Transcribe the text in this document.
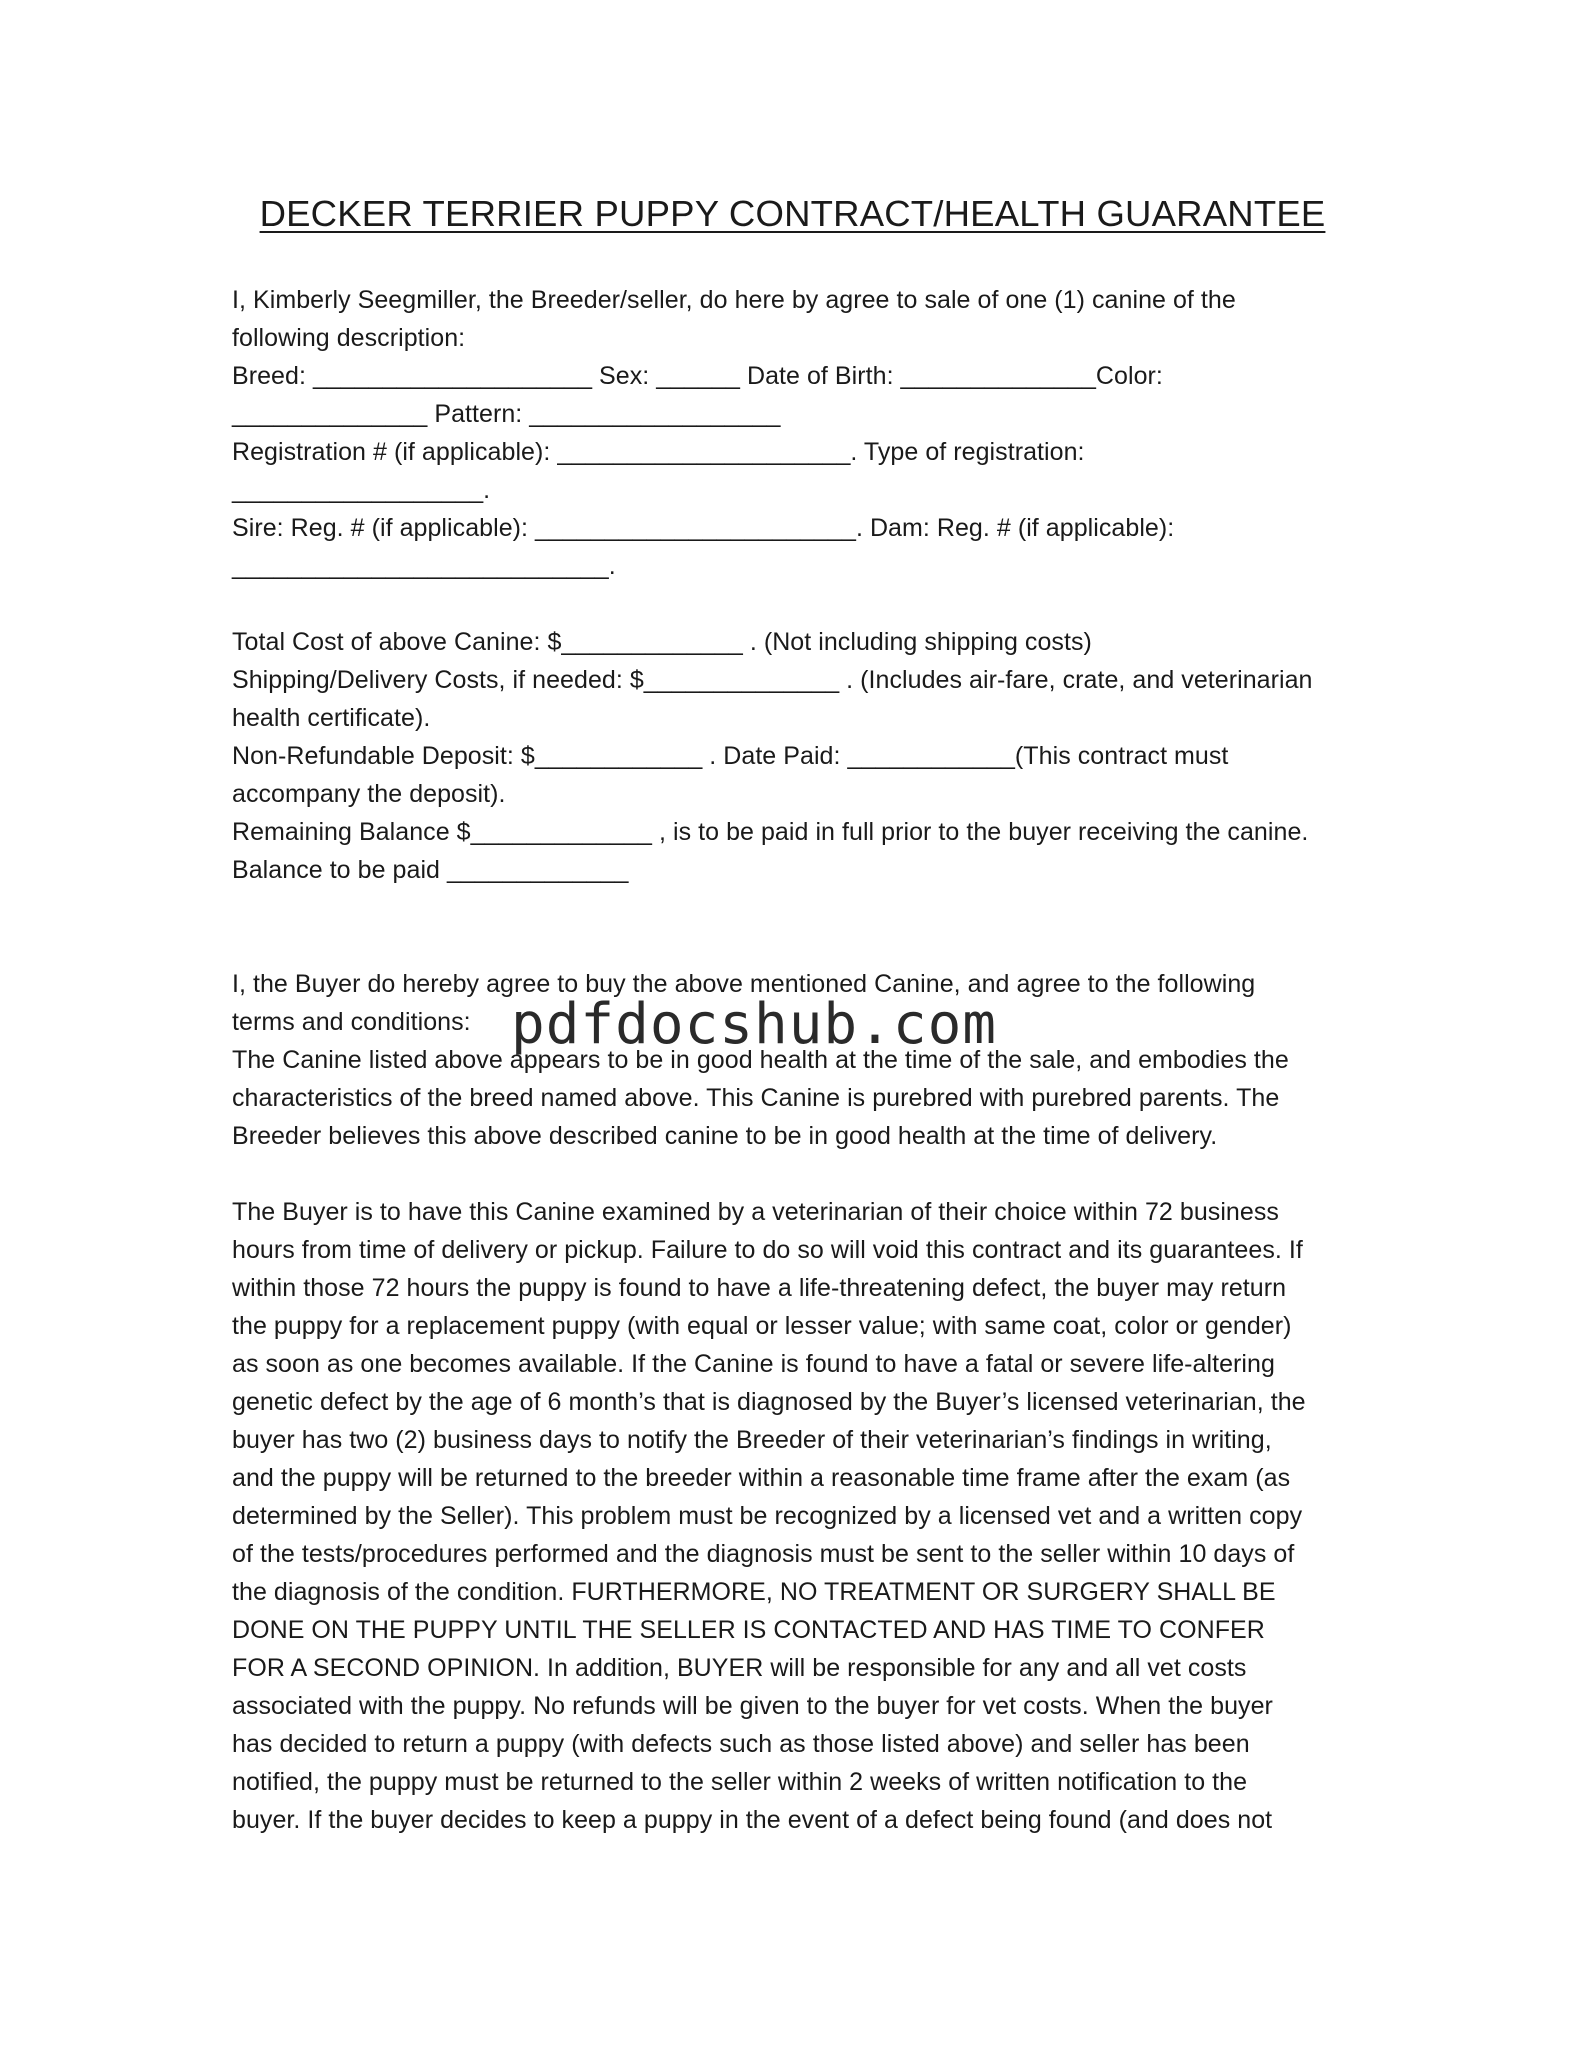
DECKER TERRIER PUPPY CONTRACT/HEALTH GUARANTEE
I, Kimberly Seegmiller, the Breeder/seller, do here by agree to sale of one (1) canine of the
following description:
Breed: ____________________ Sex: ______ Date of Birth: ______________Color:
______________ Pattern: __________________
Registration # (if applicable): _____________________. Type of registration:
__________________.
Sire: Reg. # (if applicable): _______________________. Dam: Reg. # (if applicable):
___________________________.
Total Cost of above Canine: $_____________ . (Not including shipping costs)
Shipping/Delivery Costs, if needed: $______________ . (Includes air-fare, crate, and veterinarian
health certificate).
Non-Refundable Deposit: $____________ . Date Paid: ____________(This contract must
accompany the deposit).
Remaining Balance $_____________ , is to be paid in full prior to the buyer receiving the canine.
Balance to be paid _____________
I, the Buyer do hereby agree to buy the above mentioned Canine, and agree to the following
terms and conditions:
The Canine listed above appears to be in good health at the time of the sale, and embodies the
characteristics of the breed named above. This Canine is purebred with purebred parents. The
Breeder believes this above described canine to be in good health at the time of delivery.
The Buyer is to have this Canine examined by a veterinarian of their choice within 72 business
hours from time of delivery or pickup. Failure to do so will void this contract and its guarantees. If
within those 72 hours the puppy is found to have a life-threatening defect, the buyer may return
the puppy for a replacement puppy (with equal or lesser value; with same coat, color or gender)
as soon as one becomes available. If the Canine is found to have a fatal or severe life-altering
genetic defect by the age of 6 month’s that is diagnosed by the Buyer’s licensed veterinarian, the
buyer has two (2) business days to notify the Breeder of their veterinarian’s findings in writing,
and the puppy will be returned to the breeder within a reasonable time frame after the exam (as
determined by the Seller). This problem must be recognized by a licensed vet and a written copy
of the tests/procedures performed and the diagnosis must be sent to the seller within 10 days of
the diagnosis of the condition. FURTHERMORE, NO TREATMENT OR SURGERY SHALL BE
DONE ON THE PUPPY UNTIL THE SELLER IS CONTACTED AND HAS TIME TO CONFER
FOR A SECOND OPINION. In addition, BUYER will be responsible for any and all vet costs
associated with the puppy. No refunds will be given to the buyer for vet costs. When the buyer
has decided to return a puppy (with defects such as those listed above) and seller has been
notified, the puppy must be returned to the seller within 2 weeks of written notification to the
buyer. If the buyer decides to keep a puppy in the event of a defect being found (and does not
pdfdocshub.com
